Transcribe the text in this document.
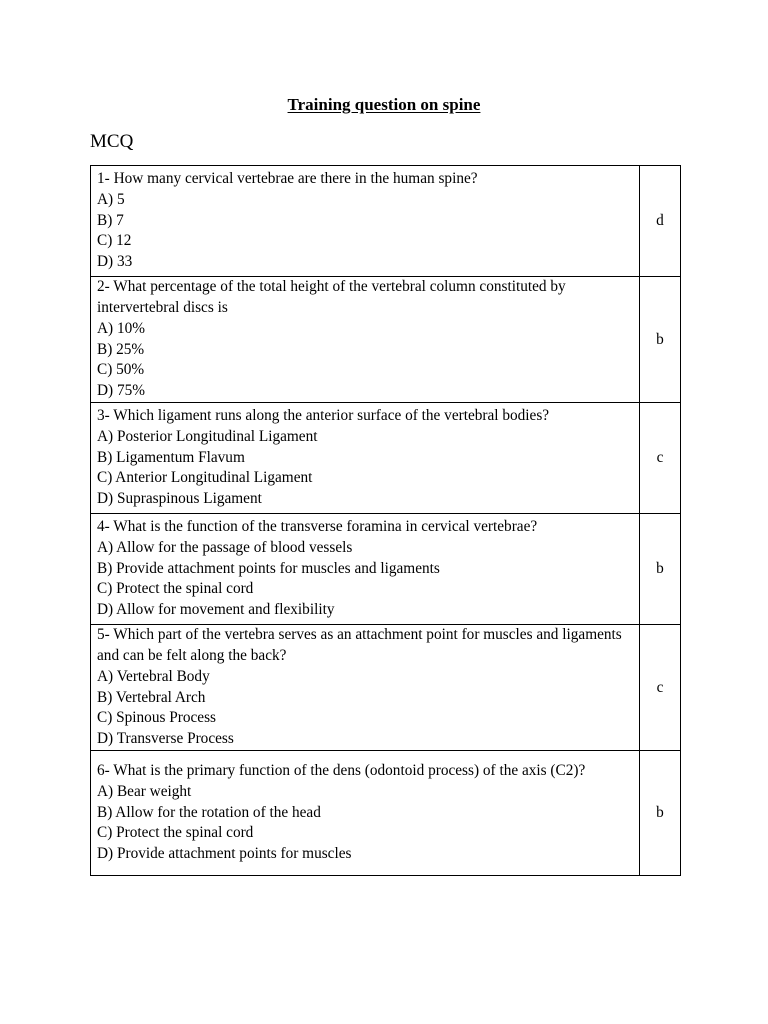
Training question on spine
MCQ
1- How many cervical vertebrae are there in the human spine?
A) 5
B) 7
C) 12
D) 33	d

2- What percentage of the total height of the vertebral column constituted by intervertebral discs is
A) 10%
B) 25%
C) 50%
D) 75%	b

3- Which ligament runs along the anterior surface of the vertebral bodies?
A) Posterior Longitudinal Ligament
B) Ligamentum Flavum
C) Anterior Longitudinal Ligament
D) Supraspinous Ligament	c

4- What is the function of the transverse foramina in cervical vertebrae?
A) Allow for the passage of blood vessels
B) Provide attachment points for muscles and ligaments
C) Protect the spinal cord
D) Allow for movement and flexibility	b

5- Which part of the vertebra serves as an attachment point for muscles and ligaments and can be felt along the back?
A) Vertebral Body
B) Vertebral Arch
C) Spinous Process
D) Transverse Process	c

6- What is the primary function of the dens (odontoid process) of the axis (C2)?
A) Bear weight
B) Allow for the rotation of the head
C) Protect the spinal cord
D) Provide attachment points for muscles	b
